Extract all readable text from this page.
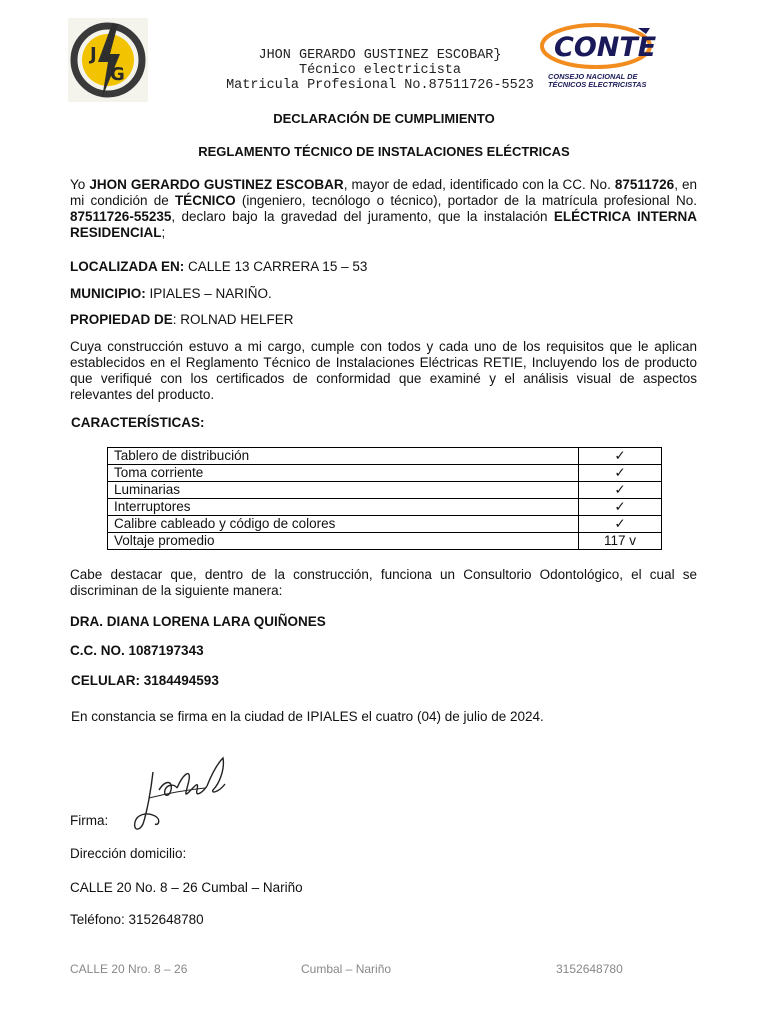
J
G
JHON GERARDO GUSTINEZ ESCOBAR}
Técnico electricista
Matricula Profesional No.87511726-5523
CONTE
CONSEJO NACIONAL DE
TÉCNICOS ELECTRICISTAS
DECLARACIÓN DE CUMPLIMIENTO
REGLAMENTO TÉCNICO DE INSTALACIONES ELÉCTRICAS
Yo JHON GERARDO GUSTINEZ ESCOBAR, mayor de edad, identificado con la CC. No. 87511726, en mi condición de TÉCNICO (ingeniero, tecnólogo o técnico), portador de la matrícula profesional No. 87511726-55235, declaro bajo la gravedad del juramento, que la instalación ELÉCTRICA INTERNA RESIDENCIAL;
LOCALIZADA EN: CALLE 13 CARRERA 15 – 53
MUNICIPIO: IPIALES – NARIÑO.
PROPIEDAD DE: ROLNAD HELFER
Cuya construcción estuvo a mi cargo, cumple con todos y cada uno de los requisitos que le aplican establecidos en el Reglamento Técnico de Instalaciones Eléctricas RETIE, Incluyendo los de producto que verifiqué con los certificados de conformidad que examiné y el análisis visual de aspectos relevantes del producto.
CARACTERÍSTICAS:
Tablero de distribución	✓
Toma corriente	✓
Luminarias	✓
Interruptores	✓
Calibre cableado y código de colores	✓
Voltaje promedio	117 v
Cabe destacar que, dentro de la construcción, funciona un Consultorio Odontológico, el cual se discriminan de la siguiente manera:
DRA. DIANA LORENA LARA QUIÑONES
C.C. NO. 1087197343
CELULAR: 3184494593
En constancia se firma en la ciudad de IPIALES el cuatro (04) de julio de 2024.
Firma:
Dirección domicilio:
CALLE 20 No. 8 – 26 Cumbal – Nariño
Teléfono: 3152648780
CALLE 20 Nro. 8 – 26	Cumbal – Nariño	3152648780
